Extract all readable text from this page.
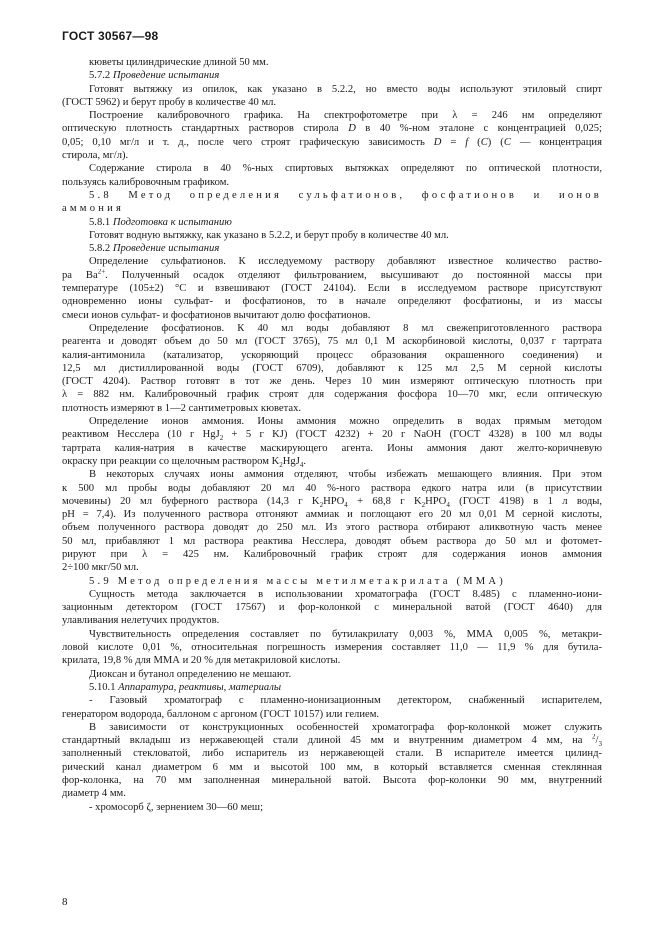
ГОСТ 30567—98
кюветы цилиндрические длиной 50 мм.
5.7.2 Проведение испытания
Готовят вытяжку из опилок, как указано в 5.2.2, но вместо воды используют этиловый спирт
(ГОСТ 5962) и берут пробу в количестве 40 мл.
Построение калибровочного графика. На спектрофотометре при λ = 246 нм определяют
оптическую плотность стандартных растворов стирола D в 40 %-ном эталоне с концентрацией 0,025;
0,05; 0,10 мг/л и т. д., после чего строят графическую зависимость D = f (C) (C — концентрация
стирола, мг/л).
Содержание стирола в 40 %-ных спиртовых вытяжках определяют по оптической плотности,
пользуясь калибровочным графиком.
5.8 Метод определения сульфатионов, фосфатионов и ионов
аммония
5.8.1 Подготовка к испытанию
Готовят водную вытяжку, как указано в 5.2.2, и берут пробу в количестве 40 мл.
5.8.2 Проведение испытания
Определение сульфатионов. К исследуемому раствору добавляют известное количество раство-
ра $Ba^{2+}$. Полученный осадок отделяют фильтрованием, высушивают до постоянной массы при
температуре (105±2) °С и взвешивают (ГОСТ 24104). Если в исследуемом растворе присутствуют
одновременно ионы сульфат- и фосфатионов, то в начале определяют фосфатионы, и из массы
смеси ионов сульфат- и фосфатионов вычитают долю фосфатионов.
Определение фосфатионов. К 40 мл воды добавляют 8 мл свежеприготовленного раствора
реагента и доводят объем до 50 мл (ГОСТ 3765), 75 мл 0,1 М аскорбиновой кислоты, 0,037 г тартрата
калия-антимонила (катализатор, ускоряющий процесс образования окрашенного соединения) и
12,5 мл дистиллированной воды (ГОСТ 6709), добавляют к 125 мл 2,5 М серной кислоты
(ГОСТ 4204). Раствор готовят в тот же день. Через 10 мин измеряют оптическую плотность при
λ = 882 нм. Калибровочный график строят для содержания фосфора 10—70 мкг, если оптическую
плотность измеряют в 1—2 сантиметровых кюветах.
Определение ионов аммония. Ионы аммония можно определить в водах прямым методом
реактивом Несслера (10 г HgJ$_2$ + 5 г KJ) (ГОСТ 4232) + 20 г NaOH (ГОСТ 4328) в 100 мл воды
тартрата калия-натрия в качестве маскирующего агента. Ионы аммония дают желто-коричневую
окраску при реакции со щелочным раствором $K_2HgJ_4$.
В некоторых случаях ионы аммония отделяют, чтобы избежать мешающего влияния. При этом
к 500 мл пробы воды добавляют 20 мл 40 %-ного раствора едкого натра или (в присутствии
мочевины) 20 мл буферного раствора (14,3 г $K_2HPO_4 + 68,8$ г $K_2HPO_4$ (ГОСТ 4198) в 1 л воды,
рН = 7,4). Из полученного раствора отгоняют аммиак и поглощают его 20 мл 0,01 М серной кислоты,
объем полученного раствора доводят до 250 мл. Из этого раствора отбирают аликвотную часть менее
50 мл, прибавляют 1 мл раствора реактива Несслера, доводят объем раствора до 50 мл и фотомет-
рируют при λ = 425 нм. Калибровочный график строят для содержания ионов аммония
2÷100 мкг/50 мл.
5.9 Метод определения массы метилметакрилата (ММА)
Сущность метода заключается в использовании хроматографа (ГОСТ 8.485) с пламенно-иони-
зационным детектором (ГОСТ 17567) и фор-колонкой с минеральной ватой (ГОСТ 4640) для
улавливания нелетучих продуктов.
Чувствительность определения составляет по бутилакрилату 0,003 %, ММА 0,005 %, метакри-
ловой кислоте 0,01 %, относительная погрешность измерения составляет 11,0 — 11,9 % для бутила-
крилата, 19,8 % для ММА и 20 % для метакриловой кислоты.
Диоксан и бутанол определению не мешают.
5.10.1 Аппаратура, реактивы, материалы
- Газовый хроматограф с пламенно-ионизационным детектором, снабженный испарителем,
генератором водорода, баллоном с аргоном (ГОСТ 10157) или гелием.
В зависимости от конструкционных особенностей хроматографа фор-колонкой может служить
стандартный вкладыш из нержавеющей стали длиной 45 мм и внутренним диаметром 4 мм, на $^2/_3$
заполненный стекловатой, либо испаритель из нержавеющей стали. В испарителе имеется цилинд-
рический канал диаметром 6 мм и высотой 100 мм, в который вставляется сменная стеклянная
фор-колонка, на 70 мм заполненная минеральной ватой. Высота фор-колонки 90 мм, внутренний
диаметр 4 мм.
- хромосорб ζ, зернением 30—60 меш;
8
